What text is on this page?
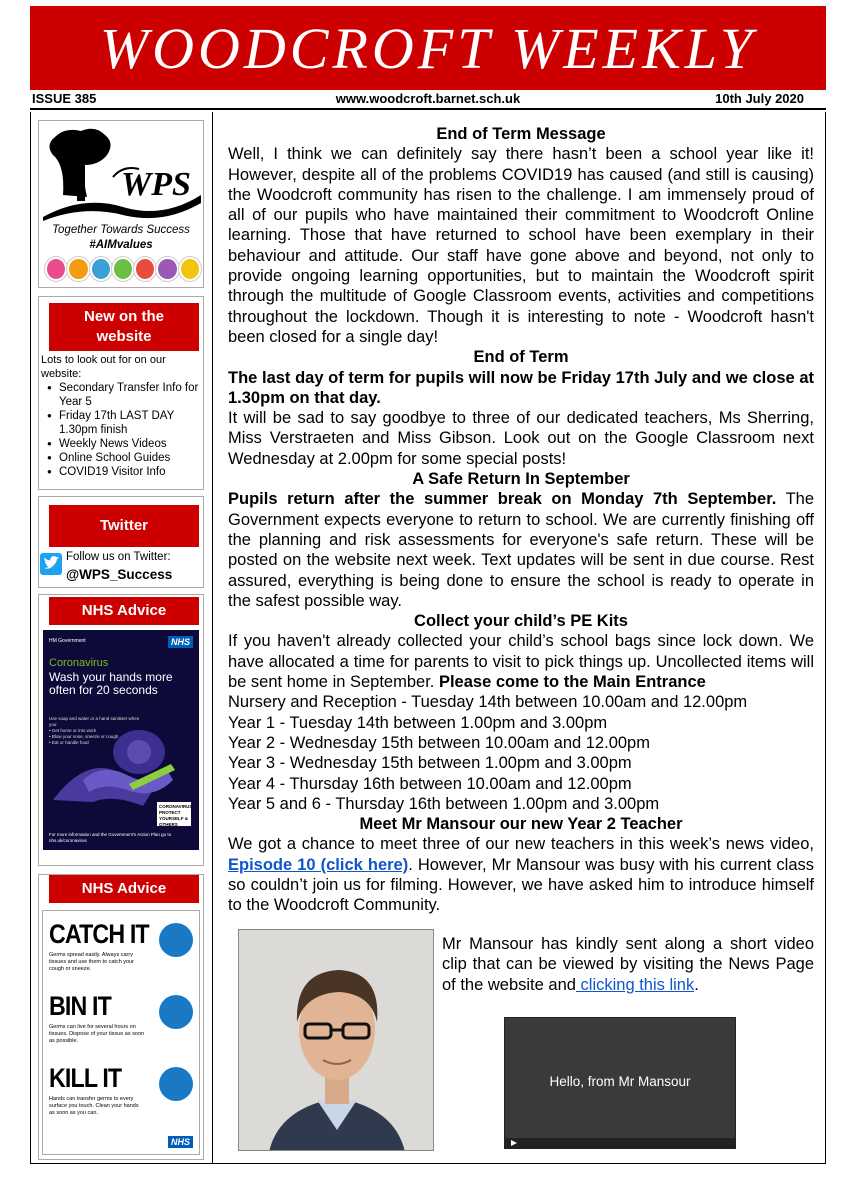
WOODCROFT WEEKLY
ISSUE 385	www.woodcroft.barnet.sch.uk	10th July 2020
WPS
Together Towards Success
#AIMvalues
New on the website
Lots to look out for on our website:
● Secondary Transfer Info for Year 5
● Friday 17th LAST DAY 1.30pm finish
● Weekly News Videos
● Online School Guides
● COVID19 Visitor Info
Twitter
Follow us on Twitter:
@WPS_Success
NHS Advice
HM Government	NHS
Coronavirus
Wash your hands more often for 20 seconds
Use soap and water or a hand sanitiser when you:
• Get home or into work
• Blow your nose, sneeze or cough
• Eat or handle food
CORONAVIRUS PROTECT YOURSELF & OTHERS
For more information and the Government's Action Plan go to nhs.uk/coronavirus
NHS Advice
CATCH IT
Germs spread easily. Always carry tissues and use them to catch your cough or sneeze.
BIN IT
Germs can live for several hours on tissues. Dispose of your tissue as soon as possible.
KILL IT
Hands can transfer germs to every surface you touch. Clean your hands as soon as you can.
NHS
End of Term Message
Well, I think we can definitely say there hasn’t been a school year like it! However, despite all of the problems COVID19 has caused (and still is causing) the Woodcroft community has risen to the challenge. I am immensely proud of all of our pupils who have maintained their commitment to Woodcroft Online learning. Those that have returned to school have been exemplary in their behaviour and attitude. Our staff have gone above and beyond, not only to provide ongoing learning opportunities, but to maintain the Woodcroft spirit through the multitude of Google Classroom events, activities and competitions throughout the lockdown. Though it is interesting to note - Woodcroft hasn't been closed for a single day!
End of Term
The last day of term for pupils will now be Friday 17th July and we close at 1.30pm on that day.
It will be sad to say goodbye to three of our dedicated teachers, Ms Sherring, Miss Verstraeten and Miss Gibson. Look out on the Google Classroom next Wednesday at 2.00pm for some special posts!
A Safe Return In September
Pupils return after the summer break on Monday 7th September. The Government expects everyone to return to school. We are currently finishing off the planning and risk assessments for everyone's safe return. These will be posted on the website next week. Text updates will be sent in due course. Rest assured, everything is being done to ensure the school is ready to operate in the safest possible way.
Collect your child’s PE Kits
If you haven't already collected your child’s school bags since lock down. We have allocated a time for parents to visit to pick things up. Uncollected items will be sent home in September. Please come to the Main Entrance
Nursery and Reception - Tuesday 14th between 10.00am and 12.00pm
Year 1 - Tuesday 14th between 1.00pm and 3.00pm
Year 2 - Wednesday 15th between 10.00am and 12.00pm
Year 3 - Wednesday 15th between 1.00pm and 3.00pm
Year 4 - Thursday 16th between 10.00am and 12.00pm
Year 5 and 6 - Thursday 16th between 1.00pm and 3.00pm
Meet Mr Mansour our new Year 2 Teacher
We got a chance to meet three of our new teachers in this week’s news video, Episode 10 (click here). However, Mr Mansour was busy with his current class so couldn’t join us for filming. However, we have asked him to introduce himself to the Woodcroft Community.
Mr Mansour has kindly sent along a short video clip that can be viewed by visiting the News Page of the website and clicking this link.
Hello, from Mr Mansour
